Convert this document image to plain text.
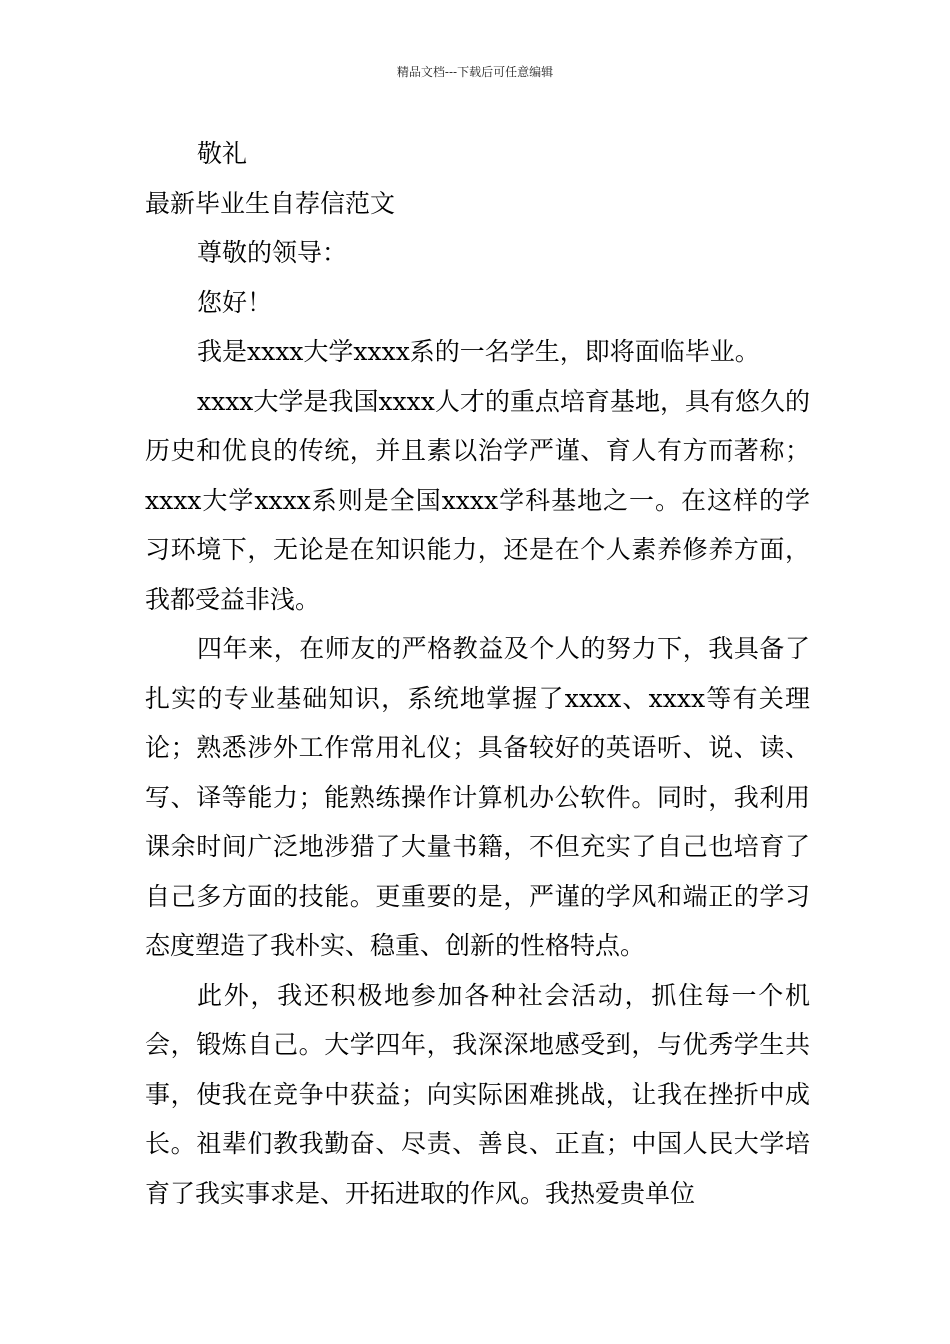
精品文档---下载后可任意编辑

敬礼

最新毕业生自荐信范文

尊敬的领导：

您好！

我是xxxx大学xxxx系的一名学生，即将面临毕业。

xxxx大学是我国xxxx人才的重点培育基地，具有悠久的历史和优良的传统，并且素以治学严谨、育人有方而著称；xxxx大学xxxx系则是全国xxxx学科基地之一。在这样的学习环境下，无论是在知识能力，还是在个人素养修养方面，我都受益非浅。

四年来，在师友的严格教益及个人的努力下，我具备了扎实的专业基础知识，系统地掌握了xxxx、xxxx等有关理论；熟悉涉外工作常用礼仪；具备较好的英语听、说、读、写、译等能力；能熟练操作计算机办公软件。同时，我利用课余时间广泛地涉猎了大量书籍，不但充实了自己也培育了自己多方面的技能。更重要的是，严谨的学风和端正的学习态度塑造了我朴实、稳重、创新的性格特点。

此外，我还积极地参加各种社会活动，抓住每一个机会，锻炼自己。大学四年，我深深地感受到，与优秀学生共事，使我在竞争中获益；向实际困难挑战，让我在挫折中成长。祖辈们教我勤奋、尽责、善良、正直；中国人民大学培育了我实事求是、开拓进取的作风。我热爱贵单位
